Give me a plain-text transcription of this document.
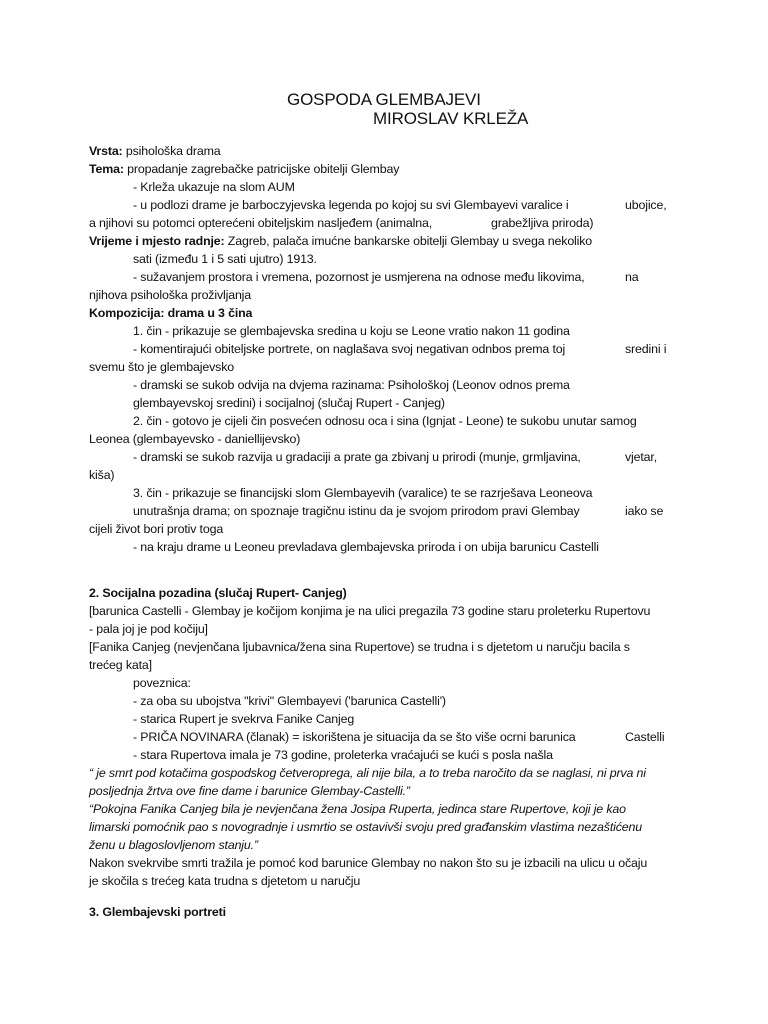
GOSPODA GLEMBAJEVI
MIROSLAV KRLEŽA
Vrsta: psihološka drama
Tema: propadanje zagrebačke patricijske obitelji Glembay
- Krleža ukazuje na slom AUM
- u podlozi drame je barboczyjevska legenda po kojoj su svi Glembayevi varalice i	ubojice,
a njihovi su potomci opterećeni obiteljskim nasljeđem (animalna,	grabežljiva priroda)
Vrijeme i mjesto radnje: Zagreb, palača imućne bankarske obitelji Glembay u svega nekoliko
sati (između 1 i 5 sati ujutro) 1913.
- sužavanjem prostora i vremena, pozornost je usmjerena na odnose među likovima,	na
njihova psihološka proživljanja
Kompozicija: drama u 3 čina
1. čin - prikazuje se glembajevska sredina u koju se Leone vratio nakon 11 godina
- komentirajući obiteljske portrete, on naglašava svoj negativan odnbos prema toj	sredini i
svemu što je glembajevsko
- dramski se sukob odvija na dvjema razinama: Psihološkoj (Leonov odnos prema
glembayevskoj sredini) i socijalnoj (slučaj Rupert - Canjeg)
2. čin - gotovo je cijeli čin posvećen odnosu oca i sina (Ignjat - Leone) te sukobu unutar samog
Leonea (glembayevsko - daniellijevsko)
- dramski se sukob razvija u gradaciji a prate ga zbivanj u prirodi (munje, grmljavina,	vjetar,
kiša)
3. čin - prikazuje se financijski slom Glembayevih (varalice) te se razrješava Leoneova
unutrašnja drama; on spoznaje tragičnu istinu da je svojom prirodom pravi Glembay	iako se
cijeli život bori protiv toga
- na kraju drame u Leoneu prevladava glembajevska priroda i on ubija barunicu Castelli
2. Socijalna pozadina (slučaj Rupert- Canjeg)
[barunica Castelli - Glembay je kočijom konjima je na ulici pregazila 73 godine staru proleterku Rupertovu
- pala joj je pod kočiju]
[Fanika Canjeg (nevjenčana ljubavnica/žena sina Rupertove) se trudna i s djetetom u naručju bacila s
trećeg kata]
poveznica:
- za oba su ubojstva "krivi" Glembayevi ('barunica Castelli')
- starica Rupert je svekrva Fanike Canjeg
- PRIČA NOVINARA (članak) = iskorištena je situacija da se što više ocrni barunica	Castelli
- stara Rupertova imala je 73 godine, proleterka vraćajući se kući s posla našla
“ je smrt pod kotačima gospodskog četveroprega, ali nije bila, a to treba naročito da se naglasi, ni prva ni
posljednja žrtva ove fine dame i barunice Glembay-Castelli.”
“Pokojna Fanika Canjeg bila je nevjenčana žena Josipa Ruperta, jedinca stare Rupertove, koji je kao
limarski pomoćnik pao s novogradnje i usmrtio se ostavivši svoju pred građanskim vlastima nezaštićenu
ženu u blagoslovljenom stanju.”
Nakon svekrvibe smrti tražila je pomoć kod barunice Glembay no nakon što su je izbacili na ulicu u očaju
je skočila s trećeg kata trudna s djetetom u naručju
3. Glembajevski portreti
